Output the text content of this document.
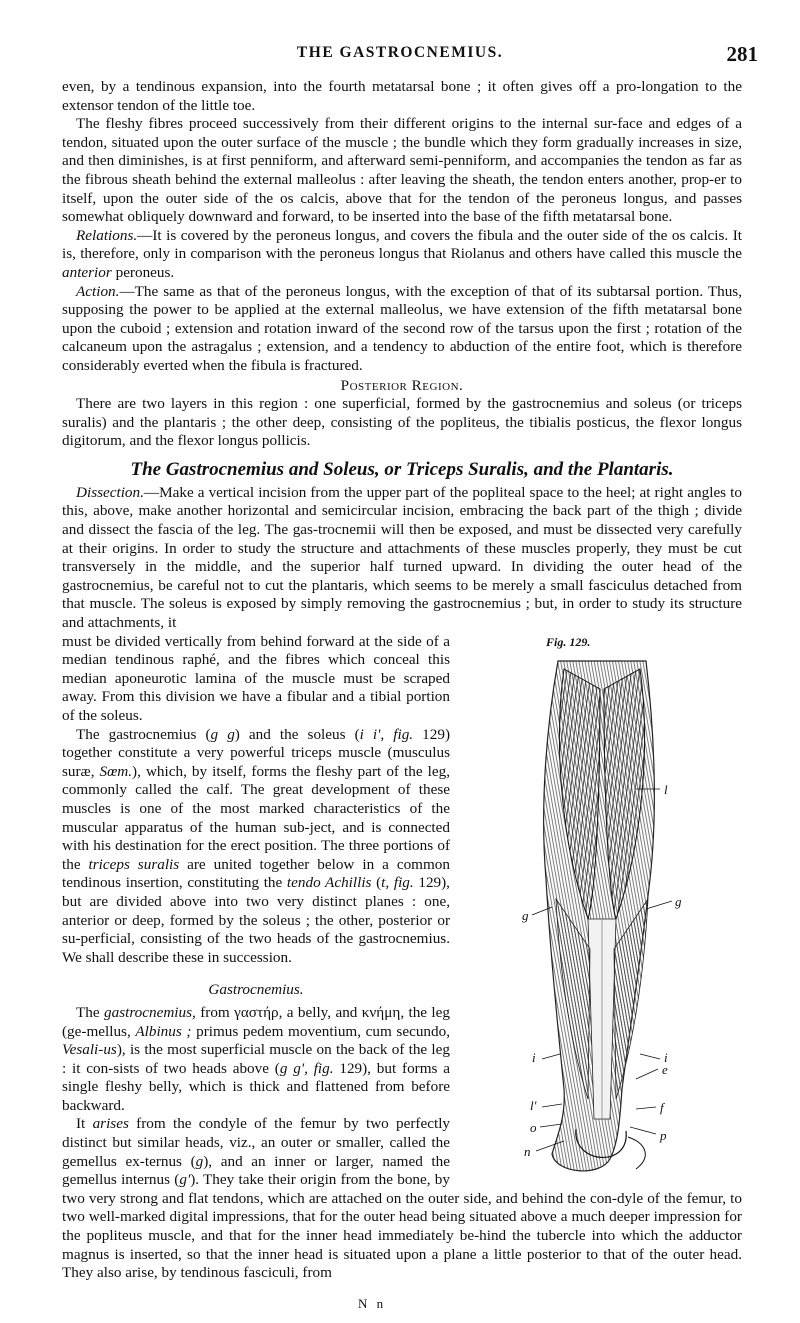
THE GASTROCNEMIUS.	281

even, by a tendinous expansion, into the fourth metatarsal bone ; it often gives off a pro-longation to the extensor tendon of the little toe.

The fleshy fibres proceed successively from their different origins to the internal sur-face and edges of a tendon, situated upon the outer surface of the muscle ; the bundle which they form gradually increases in size, and then diminishes, is at first penniform, and afterward semi-penniform, and accompanies the tendon as far as the fibrous sheath behind the external malleolus : after leaving the sheath, the tendon enters another, prop-er to itself, upon the outer side of the os calcis, above that for the tendon of the peroneus longus, and passes somewhat obliquely downward and forward, to be inserted into the base of the fifth metatarsal bone.

Relations.—It is covered by the peroneus longus, and covers the fibula and the outer side of the os calcis. It is, therefore, only in comparison with the peroneus longus that Riolanus and others have called this muscle the anterior peroneus.

Action.—The same as that of the peroneus longus, with the exception of that of its subtarsal portion. Thus, supposing the power to be applied at the external malleolus, we have extension of the fifth metatarsal bone upon the cuboid ; extension and rotation inward of the second row of the tarsus upon the first ; rotation of the calcaneum upon the astragalus ; extension, and a tendency to abduction of the entire foot, which is therefore considerably everted when the fibula is fractured.

Posterior Region.

There are two layers in this region : one superficial, formed by the gastrocnemius and soleus (or triceps suralis) and the plantaris ; the other deep, consisting of the popliteus, the tibialis posticus, the flexor longus digitorum, and the flexor longus pollicis.

The Gastrocnemius and Soleus, or Triceps Suralis, and the Plantaris.

Dissection.—Make a vertical incision from the upper part of the popliteal space to the heel; at right angles to this, above, make another horizontal and semicircular incision, embracing the back part of the thigh ; divide and dissect the fascia of the leg. The gas-trocnemii will then be exposed, and must be dissected very carefully at their origins. In order to study the structure and attachments of these muscles properly, they must be cut transversely in the middle, and the superior half turned upward. In dividing the outer head of the gastrocnemius, be careful not to cut the plantaris, which seems to be merely a small fasciculus detached from that muscle. The soleus is exposed by simply removing the gastrocnemius ; but, in order to study its structure and attachments, it

Fig. 129.
l
g
g
i	i
e
l'	f
o
p
n

must be divided vertically from behind forward at the side of a median tendinous raphé, and the fibres which conceal this median aponeurotic lamina of the muscle must be scraped away. From this division we have a fibular and a tibial portion of the soleus.

The gastrocnemius (g g) and the soleus (i i', fig. 129) together constitute a very powerful triceps muscle (musculus suræ, Sœm.), which, by itself, forms the fleshy part of the leg, commonly called the calf. The great development of these muscles is one of the most marked characteristics of the muscular apparatus of the human sub-ject, and is connected with his destination for the erect position. The three portions of the triceps suralis are united together below in a common tendinous insertion, constituting the tendo Achillis (t, fig. 129), but are divided above into two very distinct planes : one, anterior or deep, formed by the soleus ; the other, posterior or su-perficial, consisting of the two heads of the gastrocnemius. We shall describe these in succession.

Gastrocnemius.

The gastrocnemius, from γαστήρ, a belly, and κνήμη, the leg (ge-mellus, Albinus ; primus pedem moventium, cum secundo, Vesali-us), is the most superficial muscle on the back of the leg : it con-sists of two heads above (g g', fig. 129), but forms a single fleshy belly, which is thick and flattened from before backward.

It arises from the condyle of the femur by two perfectly distinct but similar heads, viz., an outer or smaller, called the gemellus ex-ternus (g), and an inner or larger, named the gemellus internus (g'). They take their origin from the bone, by two very strong and flat tendons, which are attached on the outer side, and behind the con-dyle of the femur, to two well-marked digital impressions, that for the outer head being situated above a much deeper impression for the popliteus muscle, and that for the inner head immediately be-hind the tubercle into which the adductor magnus is inserted, so that the inner head is situated upon a plane a little posterior to that of the outer head. They also arise, by tendinous fasciculi, from

N n
